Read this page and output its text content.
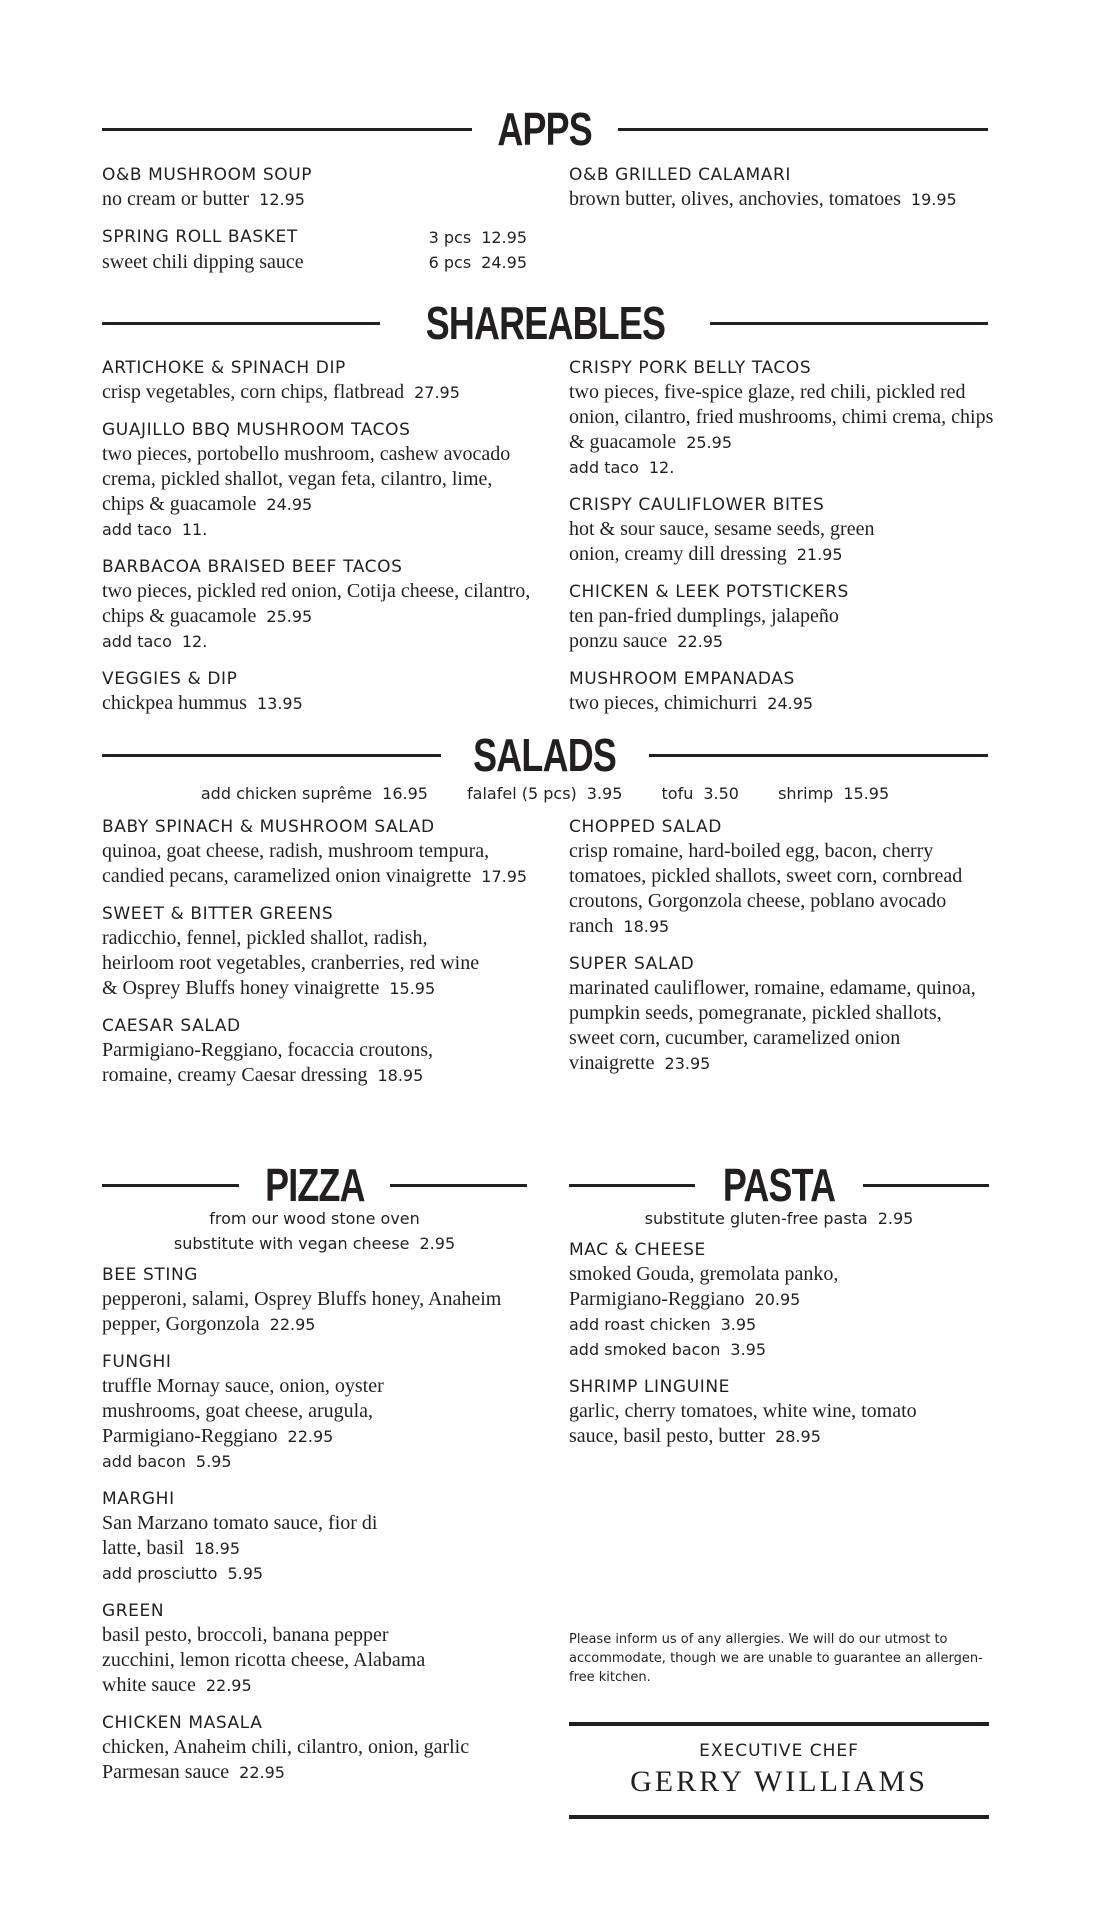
APPS
O&B MUSHROOM SOUP
no cream or butter 12.95
SPRING ROLL BASKET	3 pcs 12.95
sweet chili dipping sauce	6 pcs 24.95
O&B GRILLED CALAMARI
brown butter, olives, anchovies, tomatoes 19.95
SHAREABLES
ARTICHOKE & SPINACH DIP
crisp vegetables, corn chips, flatbread 27.95
GUAJILLO BBQ MUSHROOM TACOS
two pieces, portobello mushroom, cashew avocado crema, pickled shallot, vegan feta, cilantro, lime, chips & guacamole 24.95
add taco 11.
BARBACOA BRAISED BEEF TACOS
two pieces, pickled red onion, Cotija cheese, cilantro, chips & guacamole 25.95
add taco 12.
VEGGIES & DIP
chickpea hummus 13.95
CRISPY PORK BELLY TACOS
two pieces, five-spice glaze, red chili, pickled red onion, cilantro, fried mushrooms, chimi crema, chips & guacamole 25.95
add taco 12.
CRISPY CAULIFLOWER BITES
hot & sour sauce, sesame seeds, green onion, creamy dill dressing 21.95
CHICKEN & LEEK POTSTICKERS
ten pan-fried dumplings, jalapeño ponzu sauce 22.95
MUSHROOM EMPANADAS
two pieces, chimichurri 24.95
SALADS
add chicken suprême 16.95 falafel (5 pcs) 3.95 tofu 3.50 shrimp 15.95
BABY SPINACH & MUSHROOM SALAD
quinoa, goat cheese, radish, mushroom tempura, candied pecans, caramelized onion vinaigrette 17.95
SWEET & BITTER GREENS
radicchio, fennel, pickled shallot, radish, heirloom root vegetables, cranberries, red wine & Osprey Bluffs honey vinaigrette 15.95
CAESAR SALAD
Parmigiano-Reggiano, focaccia croutons, romaine, creamy Caesar dressing 18.95
CHOPPED SALAD
crisp romaine, hard-boiled egg, bacon, cherry tomatoes, pickled shallots, sweet corn, cornbread croutons, Gorgonzola cheese, poblano avocado ranch 18.95
SUPER SALAD
marinated cauliflower, romaine, edamame, quinoa, pumpkin seeds, pomegranate, pickled shallots, sweet corn, cucumber, caramelized onion vinaigrette 23.95
PIZZA
from our wood stone oven
substitute with vegan cheese 2.95
BEE STING
pepperoni, salami, Osprey Bluffs honey, Anaheim pepper, Gorgonzola 22.95
FUNGHI
truffle Mornay sauce, onion, oyster mushrooms, goat cheese, arugula, Parmigiano-Reggiano 22.95
add bacon 5.95
MARGHI
San Marzano tomato sauce, fior di latte, basil 18.95
add prosciutto 5.95
GREEN
basil pesto, broccoli, banana pepper zucchini, lemon ricotta cheese, Alabama white sauce 22.95
CHICKEN MASALA
chicken, Anaheim chili, cilantro, onion, garlic Parmesan sauce 22.95
PASTA
substitute gluten-free pasta 2.95
MAC & CHEESE
smoked Gouda, gremolata panko, Parmigiano-Reggiano 20.95
add roast chicken 3.95
add smoked bacon 3.95
SHRIMP LINGUINE
garlic, cherry tomatoes, white wine, tomato sauce, basil pesto, butter 28.95
Please inform us of any allergies. We will do our utmost to accommodate, though we are unable to guarantee an allergen-free kitchen.
EXECUTIVE CHEF
GERRY WILLIAMS
